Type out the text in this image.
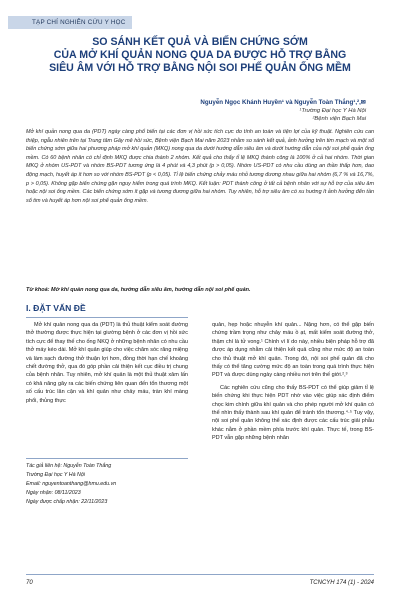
TẠP CHÍ NGHIÊN CỨU Y HỌC
SO SÁNH KẾT QUẢ VÀ BIẾN CHỨNG SỚM
CỦA MỞ KHÍ QUẢN NONG QUA DA ĐƯỢC HỖ TRỢ BẰNG
SIÊU ÂM VỚI HỖ TRỢ BẰNG NỘI SOI PHẾ QUẢN ỐNG MỀM
Nguyễn Ngọc Khánh Huyền¹ và Nguyễn Toàn Thắng¹,²,✉
¹Trường Đại học Y Hà Nội
²Bệnh viện Bạch Mai
Mở khí quản nong qua da (PDT) ngày càng phổ biến tại các đơn vị hồi sức tích cực do tính an toàn và tiện lợi của kỹ thuật. Nghiên cứu can thiệp, ngẫu nhiên trên tại Trung tâm Gây mê hồi sức, Bệnh viện Bạch Mai năm 2023 nhằm so sánh kết quả, ảnh hưởng trên tim mạch và một số biến chứng sớm giữa hai phương pháp mở khí quản (MKQ) nong qua da dưới hướng dẫn siêu âm và dưới hướng dẫn của nội soi phế quản ống mềm. Có 60 bệnh nhân có chỉ định MKQ được chia thành 2 nhóm. Kết quả cho thấy tỉ lệ MKQ thành công là 100% ở cả hai nhóm. Thời gian MKQ ở nhóm US-PDT và nhóm BS-PDT tương ứng là 4 phút và 4,3 phút (p > 0,05). Nhóm US-PDT có nhu cầu dùng an thần thấp hơn, dao động mạch, huyết áp ít hơn so với nhóm BS-PDT (p < 0,05). Tỉ lệ biến chứng chảy máu nhỏ tương đương nhau giữa hai nhóm (6,7 % và 16,7%, p > 0,05). Không gặp biến chứng gặn nguy hiểm trong quá trình MKQ. Kết luận: PDT thành công ở tất cả bệnh nhân với sự hỗ trợ của siêu âm hoặc nội soi ống mềm. Các biến chứng sớm ít gặp và tương đương giữa hai nhóm. Tuy nhiên, hỗ trợ siêu âm có xu hướng ít ảnh hưởng đến tần số tim và huyết áp hơn nội soi phế quản ống mềm.
Từ khoá: Mở khí quản nong qua da, hướng dẫn siêu âm, hướng dẫn nội soi phế quản.
I. ĐẶT VẤN ĐỀ

Mở khí quản nong qua da (PDT) là thủ thuật kiểm soát đường thở thường được thực hiện tại giường bệnh ở các đơn vị hồi sức tích cực để thay thế cho ống NKQ ở những bệnh nhân có nhu cầu thở máy kéo dài. Mở khí quản giúp cho việc chăm sóc răng miệng và làm sạch đường thở thuận lợi hơn, đồng thời hạn chế khoảng chết đường thở, qua đó góp phần cải thiện kết cục điều trị chung của bệnh nhân. Tuy nhiên, mở khí quản là một thủ thuật xâm lấn có khả năng gây ra các biến chứng liên quan đến tổn thương một số cấu trúc lân cận và khí quản như chảy máu, tràn khí màng phổi, thủng thực

Tác giả liên hệ: Nguyễn Toàn Thắng
Trường Đại học Y Hà Nội
Email: nguyentoanthang@hmu.edu.vn
Ngày nhận: 08/11/2023
Ngày được chấp nhận: 22/11/2023

quản, hẹp hoặc nhuyễn khí quản... Nặng hơn, có thể gặp biến chứng trầm trọng như chảy máu ồ ạt, mất kiểm soát đường thở, thậm chí là tử vong.¹ Chính vì lí do này, nhiều biện pháp hỗ trợ đã được áp dụng nhằm cải thiện kết quả cũng như mức độ an toàn cho thủ thuật mở khí quản. Trong đó, nội soi phế quản đã cho thấy có thể tăng cường mức độ an toàn trong quá trình thực hiện PDT và được dùng ngày càng nhiều nơi trên thế giới.²,³

Các nghiên cứu cũng cho thấy BS-PDT có thể giúp giảm tỉ lệ biến chứng khi thực hiện PDT nhờ vào việc giúp xác định điểm chọc kim chính giữa khí quản và cho phép người mở khí quản có thể nhìn thấy thành sau khí quản để tránh tổn thương.⁴·⁵ Tuy vậy, nội soi phế quản không thể xác định được các cấu trúc giải phẫu khác nằm ở phần mềm phía trước khí quản. Thực tế, trong BS-PDT vẫn gặp những bệnh nhân

70	TCNCYH 174 (1) - 2024
